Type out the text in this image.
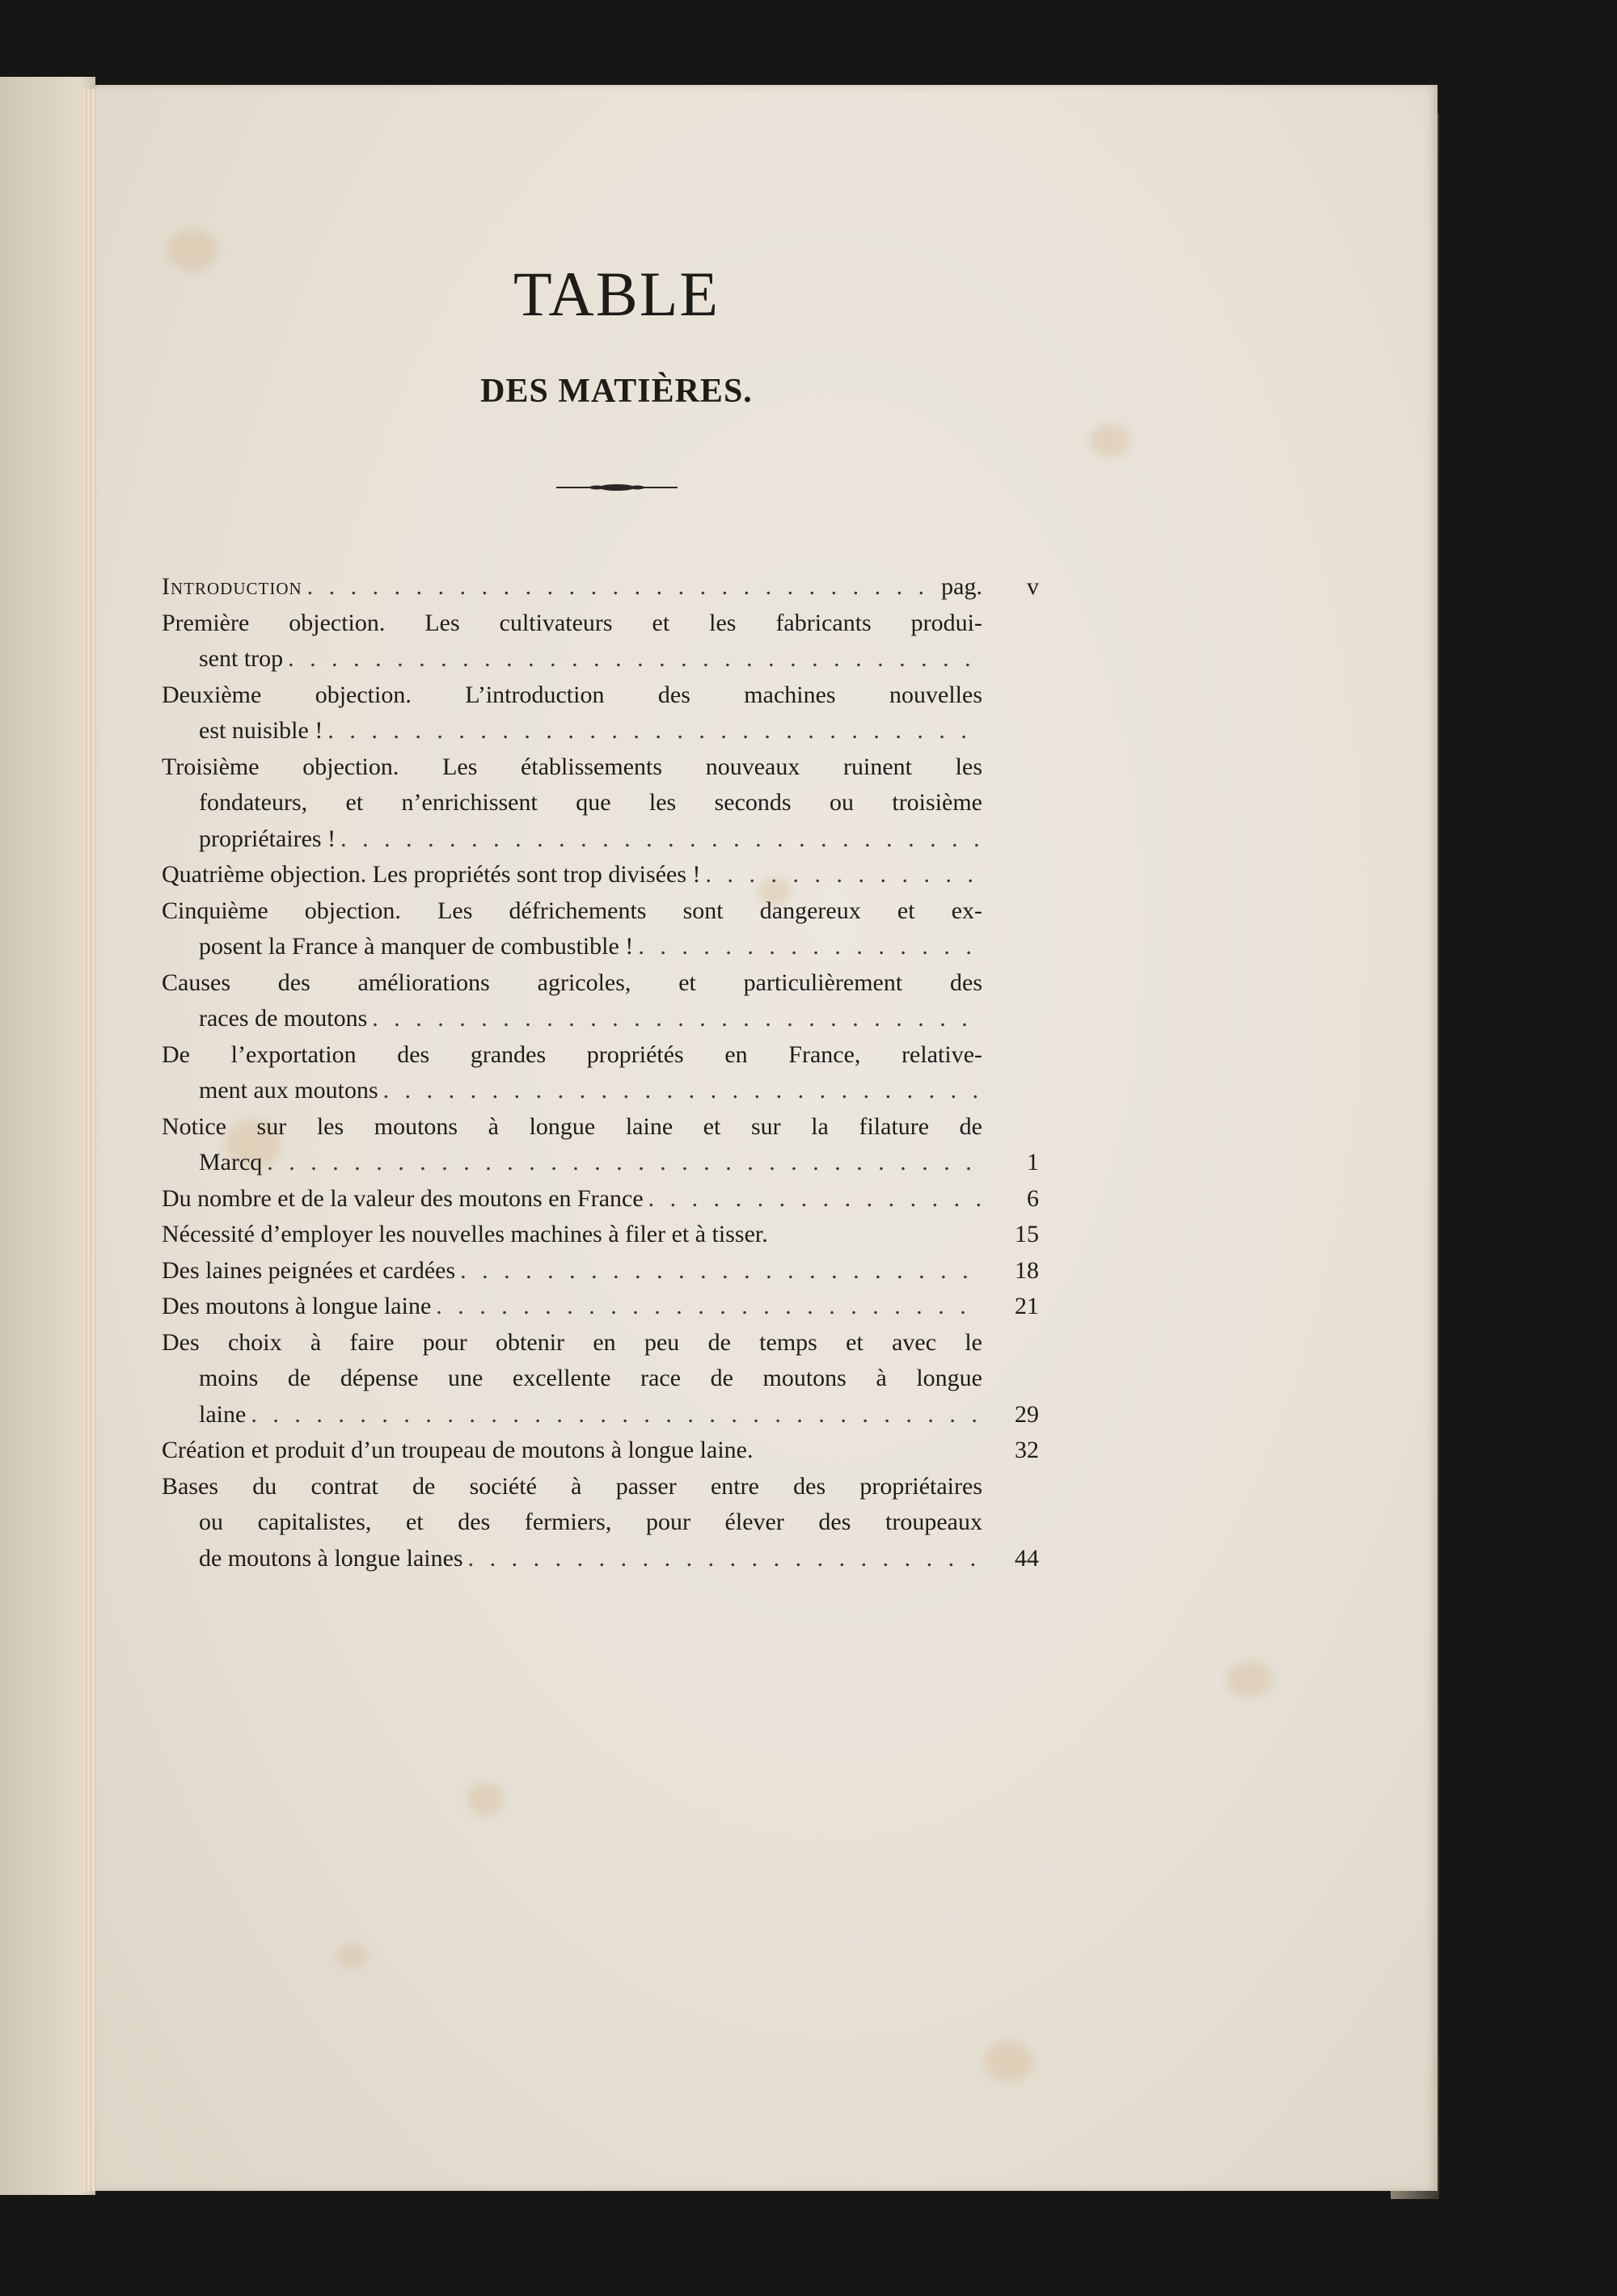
TABLE
DES MATIÈRES.
Introduction . . .	pag.	v
Première objection. Les cultivateurs et les fabricants produi-
sent trop
. . .
Deuxième objection. L’introduction des machines nouvelles
est nuisible !
. . .
Troisième objection. Les établissements nouveaux ruinent les
fondateurs, et n’enrichissent que les seconds ou troisième
propriétaires !
. . .
Quatrième objection. Les propriétés sont trop divisées !
. . .
Cinquième objection. Les défrichements sont dangereux et ex-
posent la France à manquer de combustible !
. . .
Causes des améliorations agricoles, et particulièrement des
races de moutons
. . .
De l’exportation des grandes propriétés en France, relative-
ment aux moutons
. . .
Notice sur les moutons à longue laine et sur la filature de
Marcq . . .	1
Du nombre et de la valeur des moutons en France . . .	6
Nécessité d’employer les nouvelles machines à filer et à tisser.	15
Des laines peignées et cardées . . .	18
Des moutons à longue laine . . .	21
Des choix à faire pour obtenir en peu de temps et avec le
moins de dépense une excellente race de moutons à longue
laine . . .	29
Création et produit d’un troupeau de moutons à longue laine.	32
Bases du contrat de société à passer entre des propriétaires
ou capitalistes, et des fermiers, pour élever des troupeaux
de moutons à longue laines . . .	44
